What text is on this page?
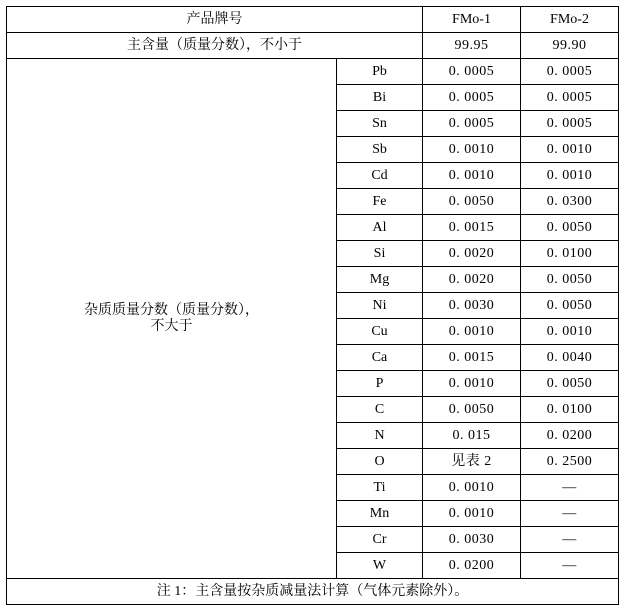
产品牌号		FMo-1	FMo-2
主含量（质量分数），不小于		99.95	99.90

杂质质量分数（质量分数），
不大于	Pb	0. 0005	0. 0005
	Bi	0. 0005	0. 0005
	Sn	0. 0005	0. 0005
	Sb	0. 0010	0. 0010
	Cd	0. 0010	0. 0010
	Fe	0. 0050	0. 0300
	Al	0. 0015	0. 0050
	Si	0. 0020	0. 0100
	Mg	0. 0020	0. 0050
	Ni	0. 0030	0. 0050
	Cu	0. 0010	0. 0010
	Ca	0. 0015	0. 0040
	P	0. 0010	0. 0050
	C	0. 0050	0. 0100
	N	0. 015	0. 0200
	O	见表 2	0. 2500
	Ti	0. 0010	—
	Mn	0. 0010	—
	Cr	0. 0030	—
	W	0. 0200	—
注 1：主含量按杂质减量法计算（气体元素除外）。			
